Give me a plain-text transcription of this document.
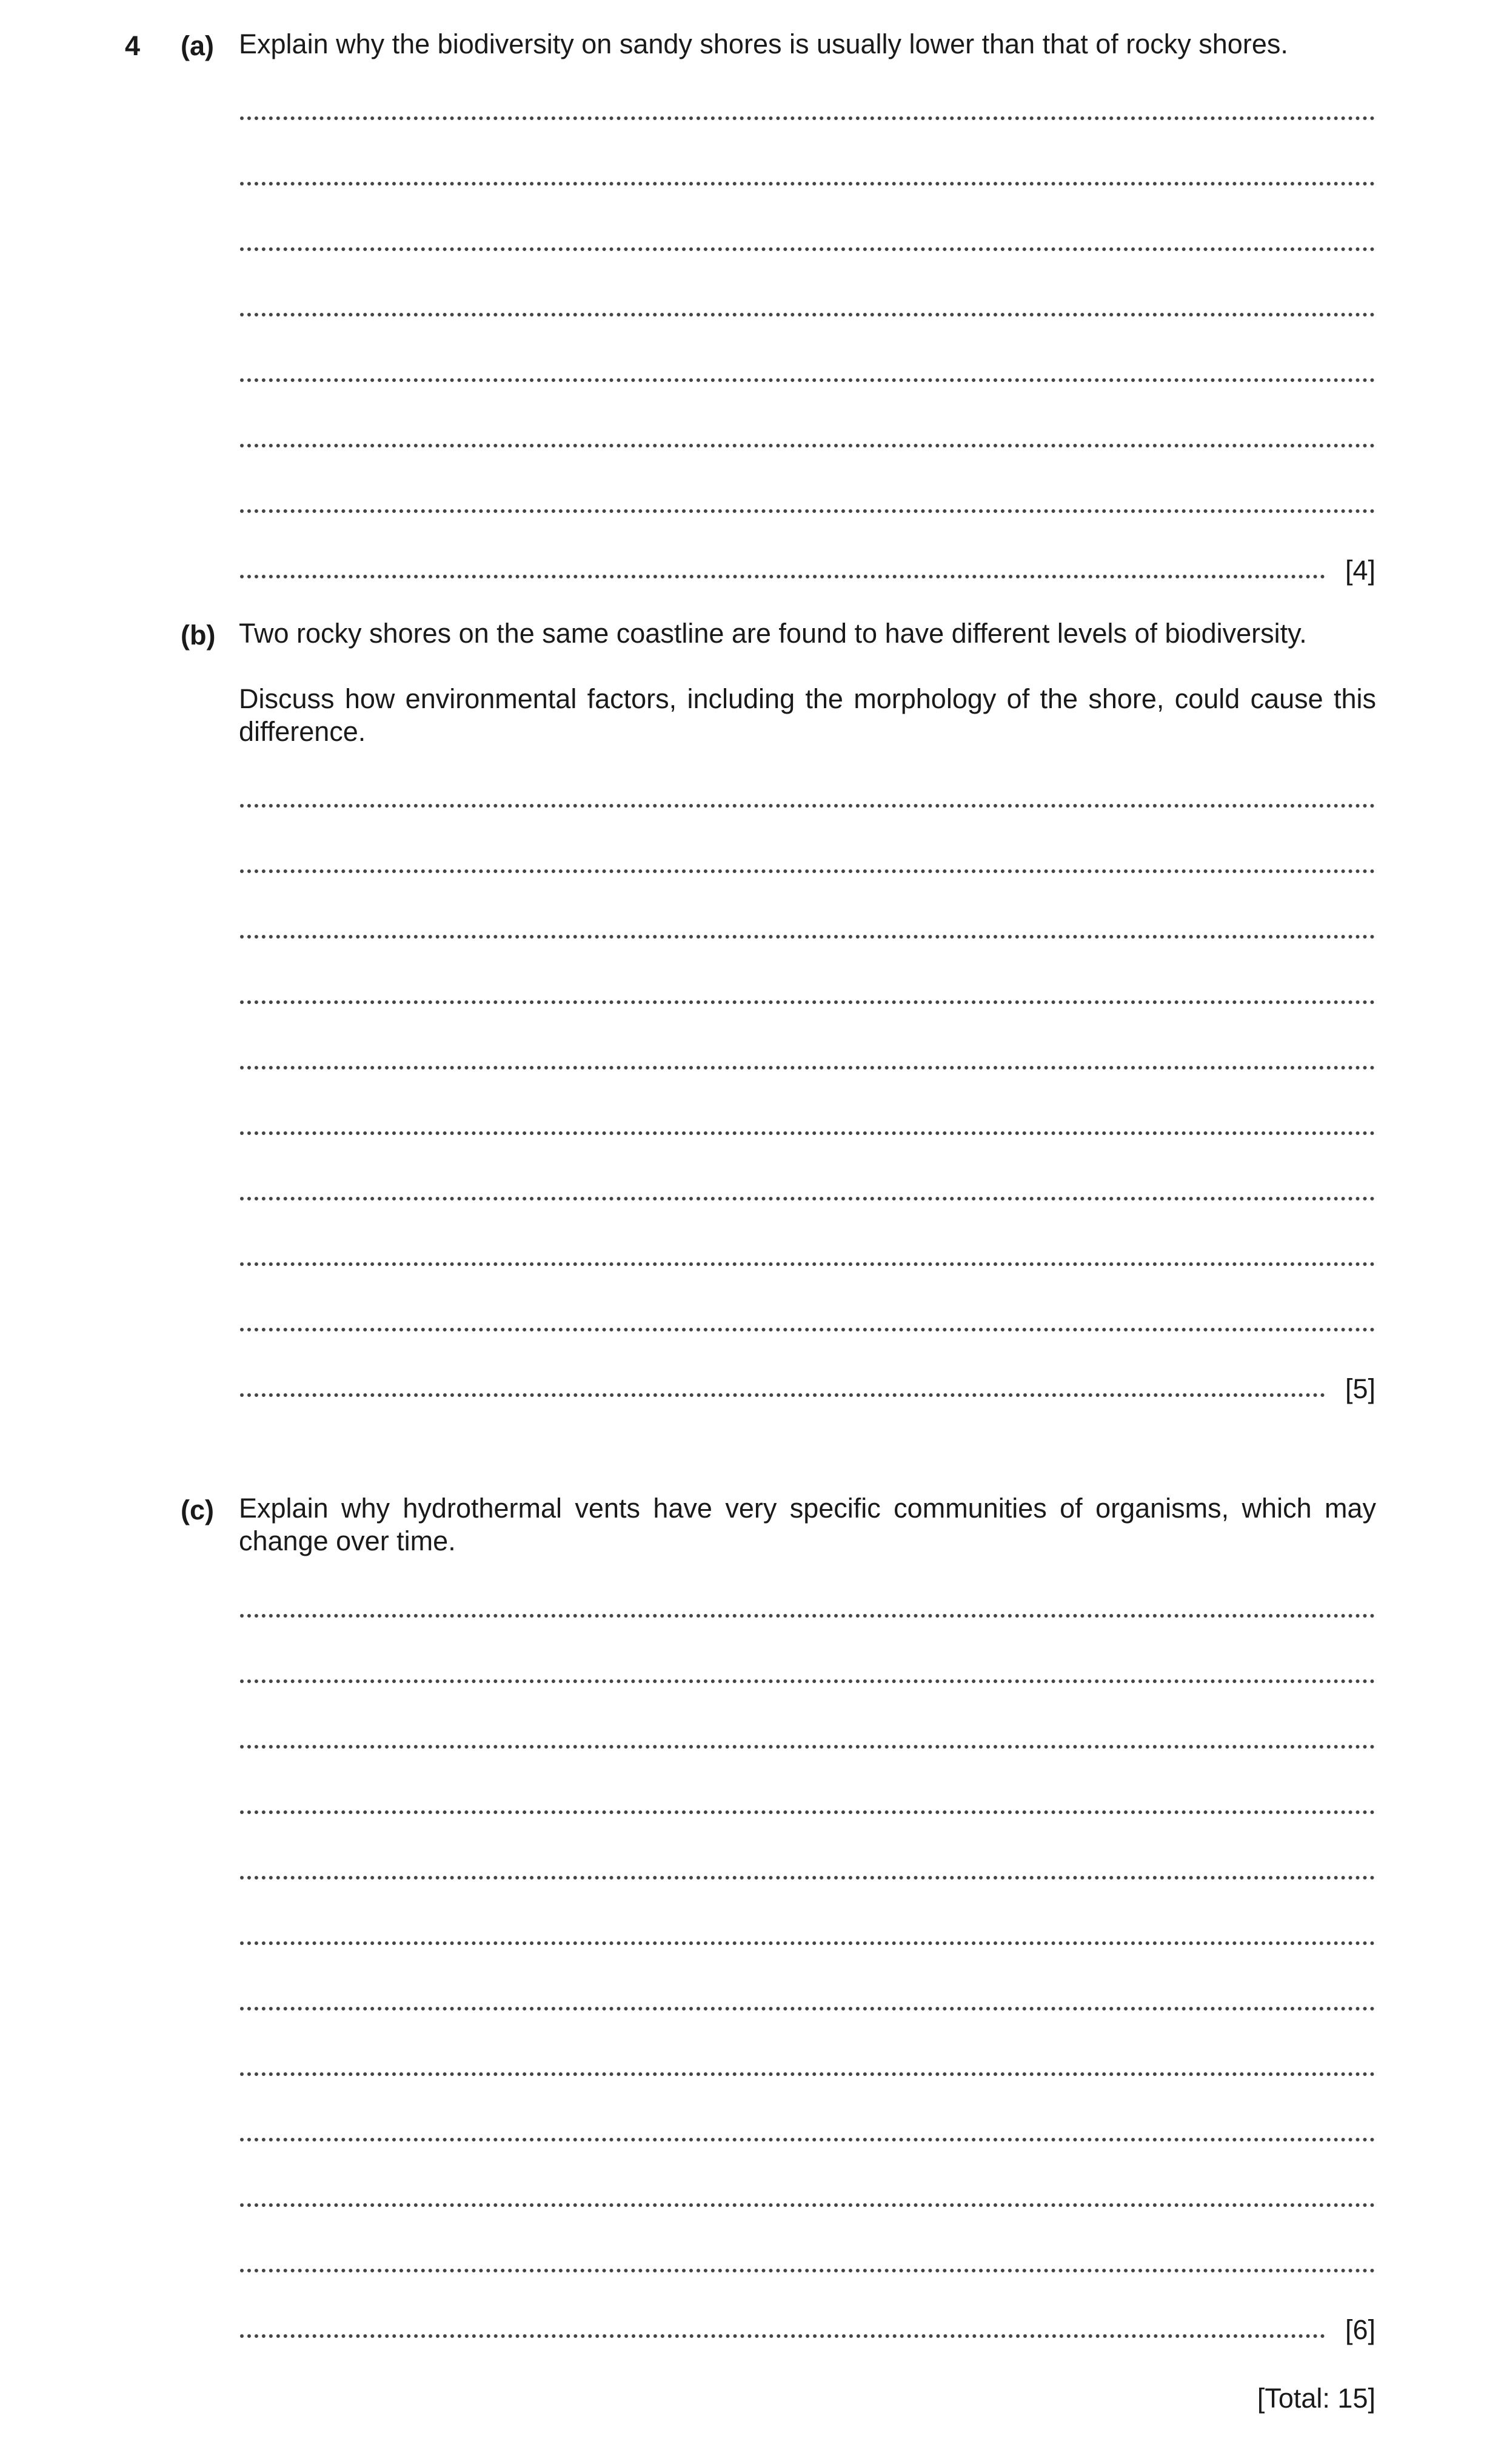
4 (a) Explain why the biodiversity on sandy shores is usually lower than that of rocky shores.
[4]
(b) Two rocky shores on the same coastline are found to have different levels of biodiversity.
Discuss how environmental factors, including the morphology of the shore, could cause this difference.
[5]
(c) Explain why hydrothermal vents have very specific communities of organisms, which may change over time.
[6]
[Total: 15]
